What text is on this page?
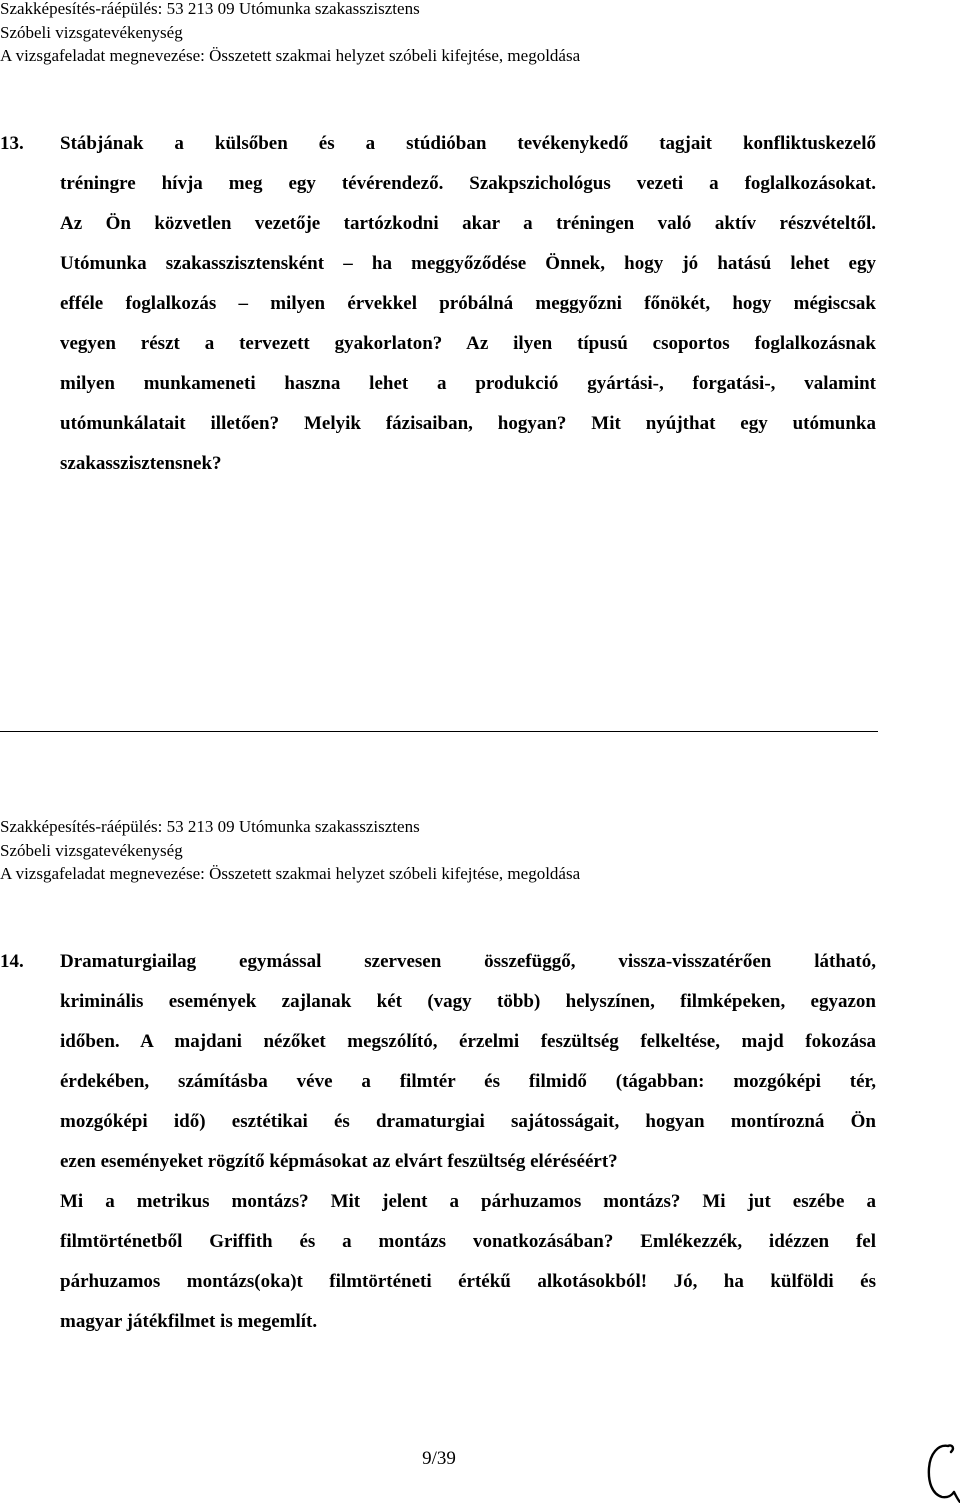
Szakképesítés-ráépülés: 53 213 09 Utómunka szakasszisztens
Szóbeli vizsgatevékenység
A vizsgafeladat megnevezése: Összetett szakmai helyzet szóbeli kifejtése, megoldása
13. Stábjának a külsőben és a stúdióban tevékenykedő tagjait konfliktuskezelő
tréningre hívja meg egy tévérendező. Szakpszichológus vezeti a foglalkozásokat.
Az Ön közvetlen vezetője tartózkodni akar a tréningen való aktív részvételtől.
Utómunka szakasszisztensként – ha meggyőződése Önnek, hogy jó hatású lehet egy
efféle foglalkozás – milyen érvekkel próbálná meggyőzni főnökét, hogy mégiscsak
vegyen részt a tervezett gyakorlaton? Az ilyen típusú csoportos foglalkozásnak
milyen munkameneti haszna lehet a produkció gyártási-, forgatási-, valamint
utómunkálatait illetően? Melyik fázisaiban, hogyan? Mit nyújthat egy utómunka
szakasszisztensnek?
Szakképesítés-ráépülés: 53 213 09 Utómunka szakasszisztens
Szóbeli vizsgatevékenység
A vizsgafeladat megnevezése: Összetett szakmai helyzet szóbeli kifejtése, megoldása
14. Dramaturgiailag egymással szervesen összefüggő, vissza-visszatérően látható,
kriminális események zajlanak két (vagy több) helyszínen, filmképeken, egyazon
időben. A majdani nézőket megszólító, érzelmi feszültség felkeltése, majd fokozása
érdekében, számításba véve a filmtér és filmidő (tágabban: mozgóképi tér,
mozgóképi idő) esztétikai és dramaturgiai sajátosságait, hogyan montírozná Ön
ezen eseményeket rögzítő képmásokat az elvárt feszültség eléréséért?
Mi a metrikus montázs? Mit jelent a párhuzamos montázs? Mi jut eszébe a
filmtörténetből Griffith és a montázs vonatkozásában? Emlékezzék, idézzen fel
párhuzamos montázs(oka)t filmtörténeti értékű alkotásokból! Jó, ha külföldi és
magyar játékfilmet is megemlít.
9/39
